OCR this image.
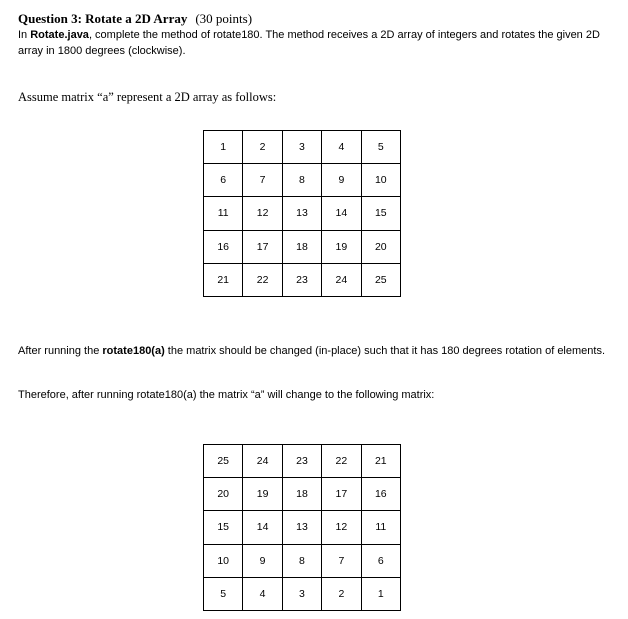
Question 3: Rotate a 2D Array (30 points)
In Rotate.java, complete the method of rotate180. The method receives a 2D array of integers and rotates the given 2D array in 1800 degrees (clockwise).
Assume matrix “a” represent a 2D array as follows:
1	2	3	4	5
6	7	8	9	10
11	12	13	14	15
16	17	18	19	20
21	22	23	24	25
After running the rotate180(a) the matrix should be changed (in-place) such that it has 180 degrees rotation of elements.
Therefore, after running rotate180(a) the matrix “a” will change to the following matrix:
25	24	23	22	21
20	19	18	17	16
15	14	13	12	11
10	9	8	7	6
5	4	3	2	1
